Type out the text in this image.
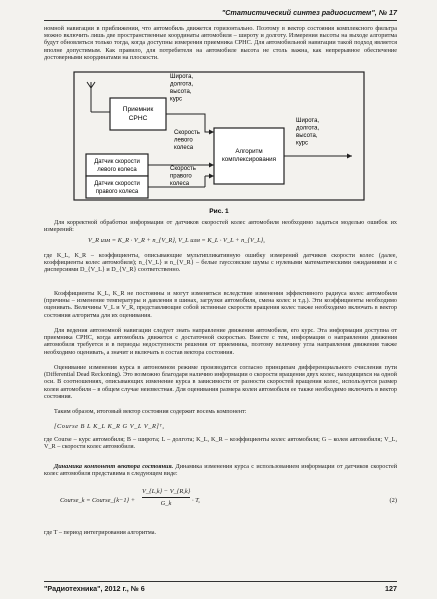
"Статистический синтез радиосистем", № 17
номной навигации в приближении, что автомобиль движется горизонтально. Поэтому в вектор состояния комплексного фильтра можно включить лишь две пространственные координаты автомобиля – широту и долготу. Измерения высоты на выходе алгоритма будут обновляться только тогда, когда доступны измерения приемника СРНС. Для автомобильной навигации такой подход является вполне допустимым. Как правило, для потребителя на автомобиле высота не столь важна, как непрерывное обеспечение достоверными координатами на плоскости.
Приемник
СРНС
Датчик скорости
левого колеса
Датчик скорости
правого колеса
Алгоритм
комплексирования
Широта, долгота, высота, курс
Скорость левого колеса
Скорость правого колеса
Широта, долгота, высота, курс
Рис. 1
Для корректной обработки информации от датчиков скоростей колес автомобиля необходимо задаться моделью ошибок их измерений:
V_R изм = K_R · V_R + n_{V_R}, V_L изм = K_L · V_L + n_{V_L},
где K_L, K_R – коэффициенты, описывающие мультипликативную ошибку измерений датчиков скорости колес (далее, коэффициенты колес автомобиля); n_{V_L} и n_{V_R} – белые гауссовские шумы с нулевыми математическими ожиданиями и с дисперсиями D_{V_L} и D_{V_R} соответственно.
Коэффициенты K_L, K_R не постоянны и могут изменяться вследствие изменения эффективного радиуса колес автомобиля (причины – изменение температуры и давления в шинах, загрузки автомобиля, смена колес и т.д.). Эти коэффициенты необходимо оценивать. Величины V_L и V_R, представляющие собой истинные скорости вращения колес также необходимо включать в вектор состояния алгоритма для их оценивания.
Для ведения автономной навигации следует знать направление движения автомобиля, его курс. Эта информация доступна от приемника СРНС, когда автомобиль движется с достаточной скоростью. Вместе с тем, информация о направлении движения автомобиля требуется и в периоды недоступности решения от приемника, поэтому величину угла направления движения также необходимо оценивать, а значит и включать в состав вектора состояния.
Оценивание изменения курса в автономном режиме производится согласно принципам дифференциального счисления пути (Differential Dead Reckoning). Это возможно благодаря наличию информации о скорости вращения двух колес, находящихся на одной оси. В соотношениях, описывающих изменение курса в зависимости от разности скоростей вращения колес, используется размер колеи автомобиля – в общем случае неизвестная. Для оценивания размера колеи автомобиля ее также необходимо включить в вектор состояния.
Таким образом, итоговый вектор состояния содержит восемь компонент:
[Course B L K_L K_R G V_L V_R]ᵀ,
где Course – курс автомобиля; B – широта; L – долгота; K_L, K_R – коэффициенты колес автомобиля; G – колея автомобиля; V_L, V_R – скорости колес автомобиля.
Динамика компонент вектора состояния. Динамика изменения курса с использованием информации от датчиков скоростей колес автомобиля представима в следующем виде:
Course_k = Course_{k−1} +
V_{L,k} − V_{R,k}
G_k	· T,	(2)
где T – период интегрирования алгоритма.
"Радиотехника", 2012 г., № 6	127
